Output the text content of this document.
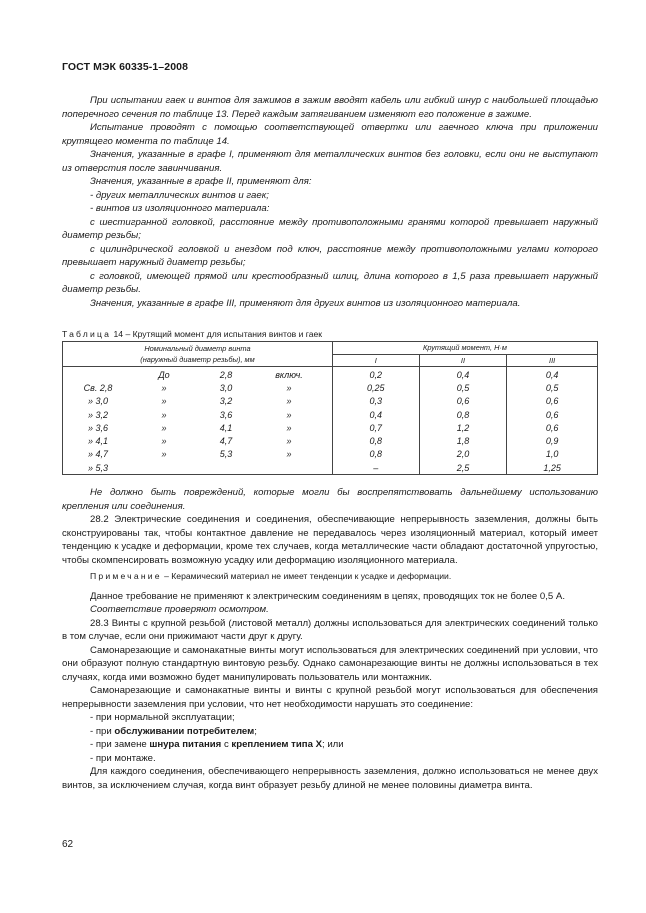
ГОСТ МЭК 60335-1–2008

При испытании гаек и винтов для зажимов в зажим вводят кабель или гибкий шнур с наибольшей площадью поперечного сечения по таблице 13. Перед каждым затягиванием изменяют его положение в зажиме.

Испытание проводят с помощью соответствующей отвертки или гаечного ключа при приложении крутящего момента по таблице 14.

Значения, указанные в графе I, применяют для металлических винтов без головки, если они не выступают из отверстия после завинчивания.

Значения, указанные в графе II, применяют для:

- других металлических винтов и гаек;

- винтов из изоляционного материала:

с шестигранной головкой, расстояние между противоположными гранями которой превышает наружный диаметр резьбы;

с цилиндрической головкой и гнездом под ключ, расстояние между противоположными углами которого превышает наружный диаметр резьбы;

с головкой, имеющей прямой или крестообразный шлиц, длина которого в 1,5 раза превышает наружный диаметр резьбы.

Значения, указанные в графе III, применяют для других винтов из изоляционного материала.

Таблица 14 – Крутящий момент для испытания винтов и гаек
Номинальный диаметр винта
(наружный диаметр резьбы), мм	Крутящий момент, Н·м		
	I	II	III

До 2,8 включ.	0,2	0,4	0,4

Св. 2,8 » 3,0 »	0,25	0,5	0,5

» 3,0 » 3,2 »	0,3	0,6	0,6

» 3,2 » 3,6 »	0,4	0,8	0,6

» 3,6 » 4,1 »	0,7	1,2	0,6

» 4,1 » 4,7 »	0,8	1,8	0,9

» 4,7 » 5,3 »	0,8	2,0	1,0

» 5,3	–	2,5	1,25

Не должно быть повреждений, которые могли бы воспрепятствовать дальнейшему использованию крепления или соединения.

28.2 Электрические соединения и соединения, обеспечивающие непрерывность заземления, должны быть сконструированы так, чтобы контактное давление не передавалось через изоляционный материал, который имеет тенденцию к усадке и деформации, кроме тех случаев, когда металлические части обладают достаточной упругостью, чтобы скомпенсировать возможную усадку или деформацию изоляционного материала.

Примечание – Керамический материал не имеет тенденции к усадке и деформации.

Данное требование не применяют к электрическим соединениям в цепях, проводящих ток не более 0,5 А.

Соответствие проверяют осмотром.

28.3 Винты с крупной резьбой (листовой металл) должны использоваться для электрических соединений только в том случае, если они прижимают части друг к другу.

Самонарезающие и самонакатные винты могут использоваться для электрических соединений при условии, что они образуют полную стандартную винтовую резьбу. Однако самонарезающие винты не должны использоваться в тех случаях, когда ими возможно будет манипулировать пользователь или монтажник.

Самонарезающие и самонакатные винты и винты с крупной резьбой могут использоваться для обеспечения непрерывности заземления при условии, что нет необходимости нарушать это соединение:

- при нормальной эксплуатации;

- при обслуживании потребителем;

- при замене шнура питания с креплением типа X; или

- при монтаже.

Для каждого соединения, обеспечивающего непрерывность заземления, должно использоваться не менее двух винтов, за исключением случая, когда винт образует резьбу длиной не менее половины диаметра винта.

62
